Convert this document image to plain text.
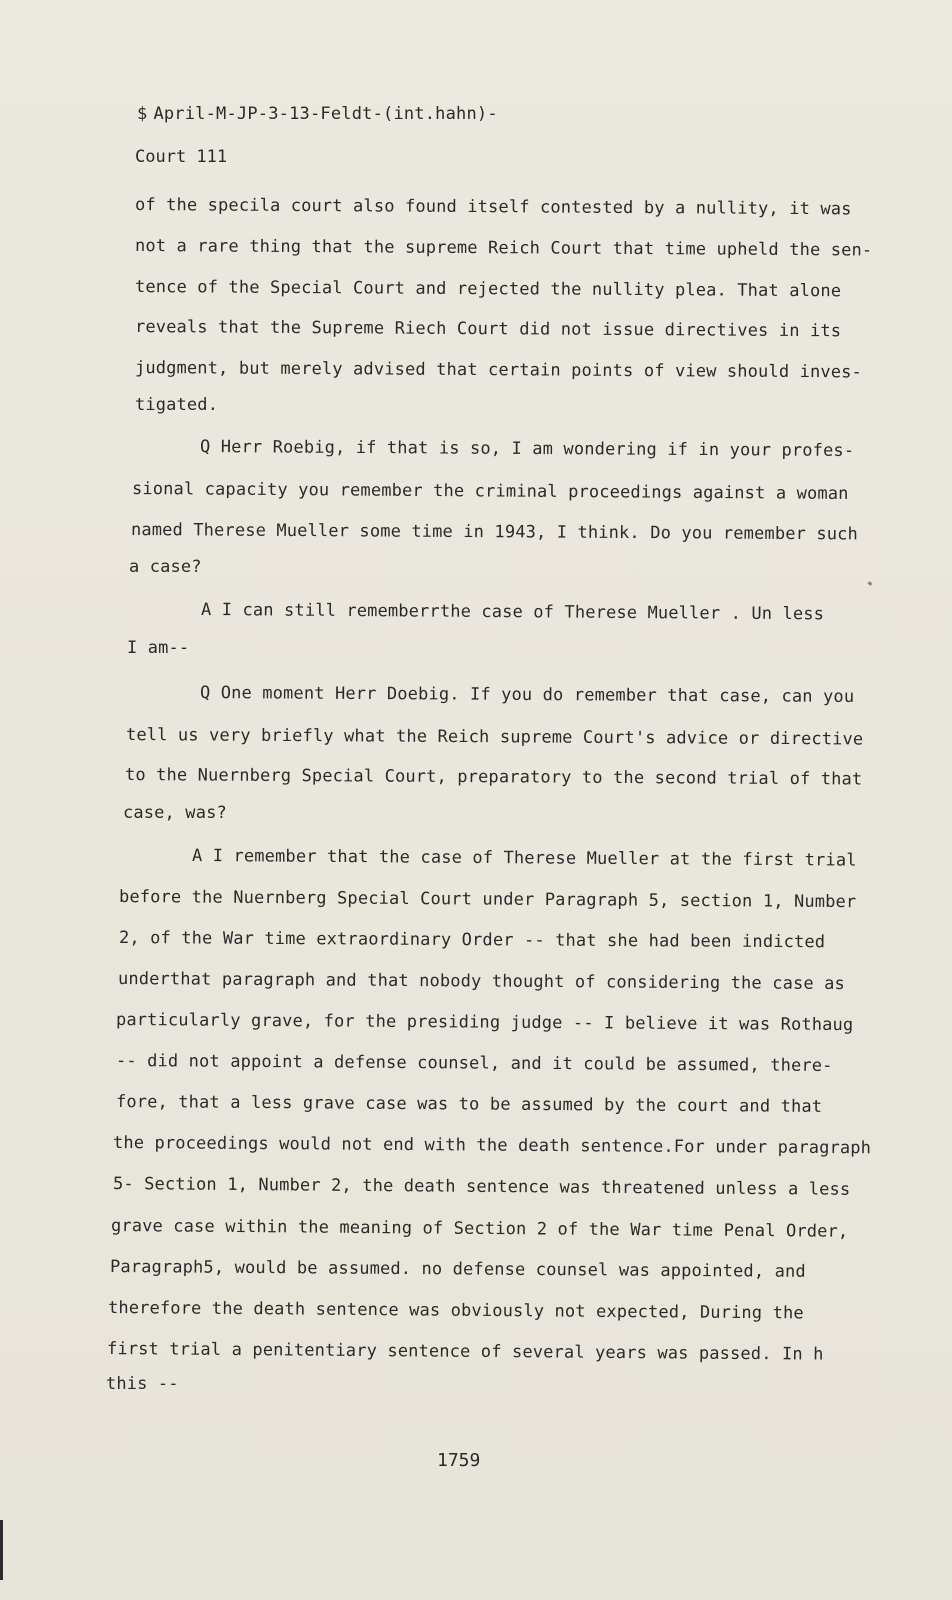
$ April-M-JP-3-13-Feldt-(int.hahn)-
Court 111
of the specila court also found itself contested by a nullity, it was
not a rare thing that the supreme Reich Court that time upheld the sen-
tence of the Special Court and rejected the nullity plea. That alone
reveals that the Supreme Riech Court did not issue directives in its
judgment, but merely advised that certain points of view should inves-
tigated.
Q Herr Roebig, if that is so, I am wondering if in your profes-
sional capacity you remember the criminal proceedings against a woman
named Therese Mueller some time in 1943, I think. Do you remember such
a case?
A I can still rememberrthe case of Therese Mueller . Un less
I am--
Q One moment Herr Doebig. If you do remember that case, can you
tell us very briefly what the Reich supreme Court's advice or directive
to the Nuernberg Special Court, preparatory to the second trial of that
case, was?
A I remember that the case of Therese Mueller at the first trial
before the Nuernberg Special Court under Paragraph 5, section 1, Number
2, of the War time extraordinary Order -- that she had been indicted
underthat paragraph and that nobody thought of considering the case as
particularly grave, for the presiding judge -- I believe it was Rothaug
-- did not appoint a defense counsel, and it could be assumed, there-
fore, that a less grave case was to be assumed by the court and that
the proceedings would not end with the death sentence.For under paragraph
5- Section 1, Number 2, the death sentence was threatened unless a less
grave case within the meaning of Section 2 of the War time Penal Order,
Paragraph5, would be assumed. no defense counsel was appointed, and
therefore the death sentence was obviously not expected, During the
first trial a penitentiary sentence of several years was passed. In h
this --
1759
